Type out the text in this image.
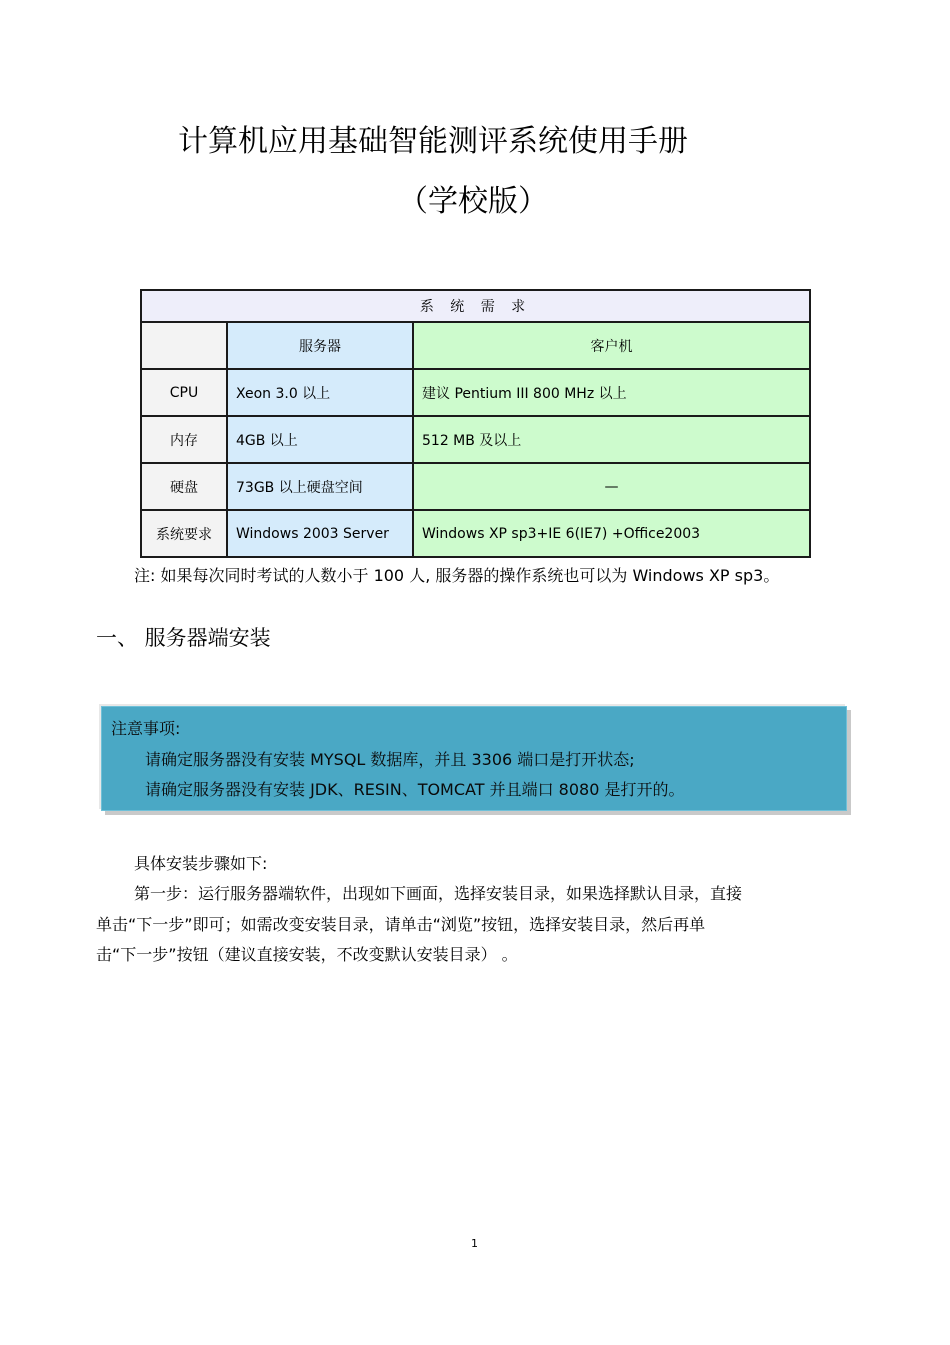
计算机应用基础智能测评系统使用手册
（学校版）
系 统 需 求		
	服务器	客户机
CPU	Xeon 3.0 以上	建议 Pentium III 800 MHz 以上
内存	4GB 以上	512 MB 及以上
硬盘	73GB 以上硬盘空间	—
系统要求	Windows 2003 Server	Windows XP sp3+IE 6(IE7) +Office2003
注: 如果每次同时考试的人数小于 100 人, 服务器的操作系统也可以为 Windows XP sp3。
一、 服务器端安装
注意事项:
请确定服务器没有安装 MYSQL 数据库，并且 3306 端口是打开状态;
请确定服务器没有安装 JDK、RESIN、TOMCAT 并且端口 8080 是打开的。
具体安装步骤如下:
第一步：运行服务器端软件，出现如下画面，选择安装目录，如果选择默认目录，直接
单击“下一步”即可；如需改变安装目录，请单击“浏览”按钮，选择安装目录，然后再单
击“下一步”按钮（建议直接安装，不改变默认安装目录） 。
1
